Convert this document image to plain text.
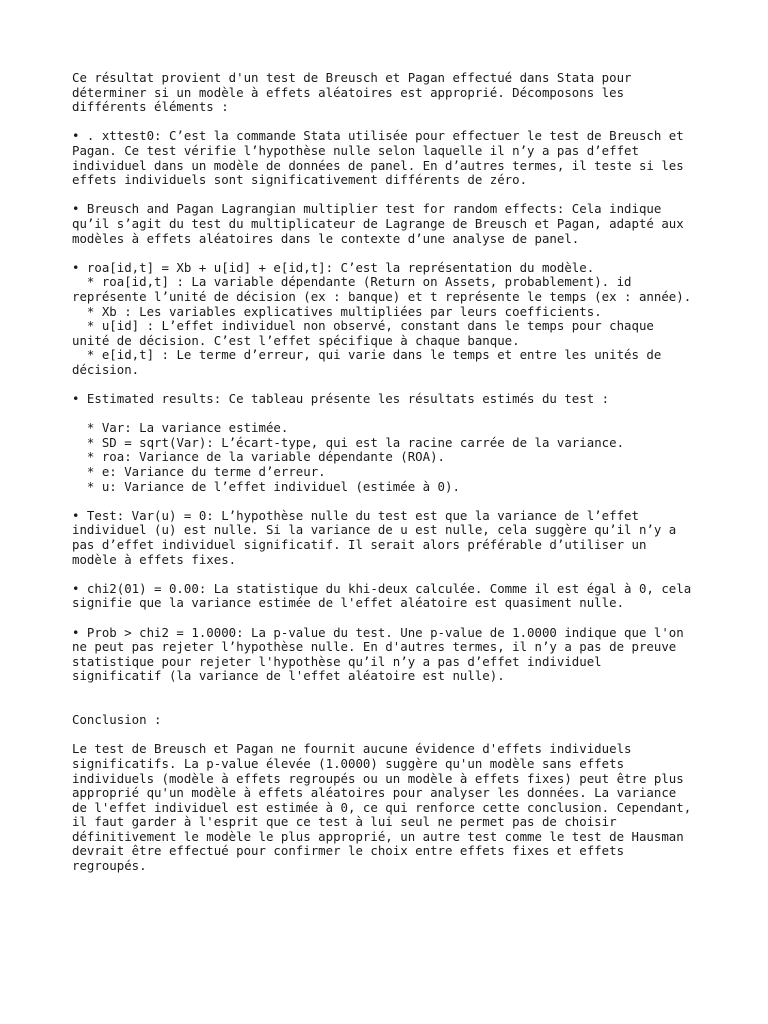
Ce résultat provient d'un test de Breusch et Pagan effectué dans Stata pour
déterminer si un modèle à effets aléatoires est approprié. Décomposons les
différents éléments :

• . xttest0: C’est la commande Stata utilisée pour effectuer le test de Breusch et
Pagan. Ce test vérifie l’hypothèse nulle selon laquelle il n’y a pas d’effet
individuel dans un modèle de données de panel. En d’autres termes, il teste si les
effets individuels sont significativement différents de zéro.

• Breusch and Pagan Lagrangian multiplier test for random effects: Cela indique
qu’il s’agit du test du multiplicateur de Lagrange de Breusch et Pagan, adapté aux
modèles à effets aléatoires dans le contexte d’une analyse de panel.

• roa[id,t] = Xb + u[id] + e[id,t]: C’est la représentation du modèle.
* roa[id,t] : La variable dépendante (Return on Assets, probablement). id
représente l’unité de décision (ex : banque) et t représente le temps (ex : année).
* Xb : Les variables explicatives multipliées par leurs coefficients.
* u[id] : L’effet individuel non observé, constant dans le temps pour chaque
unité de décision. C’est l’effet spécifique à chaque banque.
* e[id,t] : Le terme d’erreur, qui varie dans le temps et entre les unités de
décision.

• Estimated results: Ce tableau présente les résultats estimés du test :

* Var: La variance estimée.
* SD = sqrt(Var): L’écart-type, qui est la racine carrée de la variance.
* roa: Variance de la variable dépendante (ROA).
* e: Variance du terme d’erreur.
* u: Variance de l’effet individuel (estimée à 0).

• Test: Var(u) = 0: L’hypothèse nulle du test est que la variance de l’effet
individuel (u) est nulle. Si la variance de u est nulle, cela suggère qu’il n’y a
pas d’effet individuel significatif. Il serait alors préférable d’utiliser un
modèle à effets fixes.

• chi2(01) = 0.00: La statistique du khi-deux calculée. Comme il est égal à 0, cela
signifie que la variance estimée de l'effet aléatoire est quasiment nulle.

• Prob > chi2 = 1.0000: La p-value du test. Une p-value de 1.0000 indique que l'on
ne peut pas rejeter l’hypothèse nulle. En d'autres termes, il n’y a pas de preuve
statistique pour rejeter l'hypothèse qu’il n’y a pas d’effet individuel
significatif (la variance de l'effet aléatoire est nulle).

Conclusion :

Le test de Breusch et Pagan ne fournit aucune évidence d'effets individuels
significatifs. La p-value élevée (1.0000) suggère qu'un modèle sans effets
individuels (modèle à effets regroupés ou un modèle à effets fixes) peut être plus
approprié qu'un modèle à effets aléatoires pour analyser les données. La variance
de l'effet individuel est estimée à 0, ce qui renforce cette conclusion. Cependant,
il faut garder à l'esprit que ce test à lui seul ne permet pas de choisir
définitivement le modèle le plus approprié, un autre test comme le test de Hausman
devrait être effectué pour confirmer le choix entre effets fixes et effets
regroupés.
